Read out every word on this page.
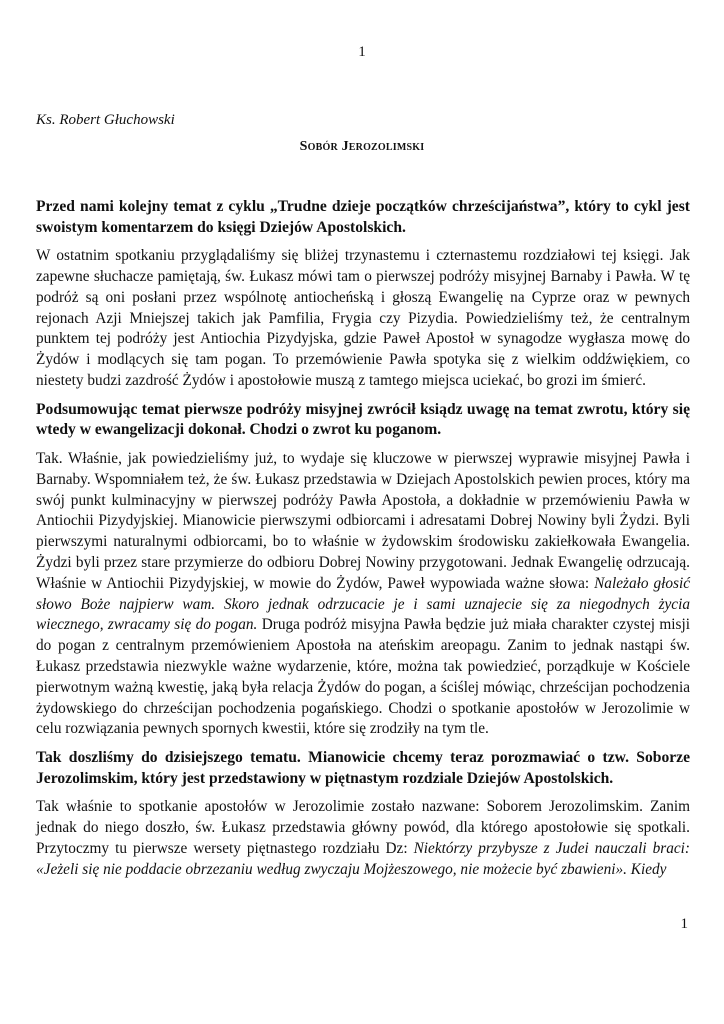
1
Ks. Robert Głuchowski
Sobór Jerozolimski

Przed nami kolejny temat z cyklu „Trudne dzieje początków chrześcijaństwa”, który to cykl jest swoistym komentarzem do księgi Dziejów Apostolskich.

W ostatnim spotkaniu przyglądaliśmy się bliżej trzynastemu i czternastemu rozdziałowi tej księgi. Jak zapewne słuchacze pamiętają, św. Łukasz mówi tam o pierwszej podróży misyjnej Barnaby i Pawła. W tę podróż są oni posłani przez wspólnotę antiocheńską i głoszą Ewangelię na Cyprze oraz w pewnych rejonach Azji Mniejszej takich jak Pamfilia, Frygia czy Pizydia. Powiedzieliśmy też, że centralnym punktem tej podróży jest Antiochia Pizydyjska, gdzie Paweł Apostoł w synagodze wygłasza mowę do Żydów i modlących się tam pogan. To przemówienie Pawła spotyka się z wielkim oddźwiękiem, co niestety budzi zazdrość Żydów i apostołowie muszą z tamtego miejsca uciekać, bo grozi im śmierć.

Podsumowując temat pierwsze podróży misyjnej zwrócił ksiądz uwagę na temat zwrotu, który się wtedy w ewangelizacji dokonał. Chodzi o zwrot ku poganom.

Tak. Właśnie, jak powiedzieliśmy już, to wydaje się kluczowe w pierwszej wyprawie misyjnej Pawła i Barnaby. Wspomniałem też, że św. Łukasz przedstawia w Dziejach Apostolskich pewien proces, który ma swój punkt kulminacyjny w pierwszej podróży Pawła Apostoła, a dokładnie w przemówieniu Pawła w Antiochii Pizydyjskiej. Mianowicie pierwszymi odbiorcami i adresatami Dobrej Nowiny byli Żydzi. Byli pierwszymi naturalnymi odbiorcami, bo to właśnie w żydowskim środowisku zakiełkowała Ewangelia. Żydzi byli przez stare przymierze do odbioru Dobrej Nowiny przygotowani. Jednak Ewangelię odrzucają. Właśnie w Antiochii Pizydyjskiej, w mowie do Żydów, Paweł wypowiada ważne słowa: Należało głosić słowo Boże najpierw wam. Skoro jednak odrzucacie je i sami uznajecie się za niegodnych życia wiecznego, zwracamy się do pogan. Druga podróż misyjna Pawła będzie już miała charakter czystej misji do pogan z centralnym przemówieniem Apostoła na ateńskim areopagu. Zanim to jednak nastąpi św. Łukasz przedstawia niezwykle ważne wydarzenie, które, można tak powiedzieć, porządkuje w Kościele pierwotnym ważną kwestię, jaką była relacja Żydów do pogan, a ściślej mówiąc, chrześcijan pochodzenia żydowskiego do chrześcijan pochodzenia pogańskiego. Chodzi o spotkanie apostołów w Jerozolimie w celu rozwiązania pewnych spornych kwestii, które się zrodziły na tym tle.

Tak doszliśmy do dzisiejszego tematu. Mianowicie chcemy teraz porozmawiać o tzw. Soborze Jerozolimskim, który jest przedstawiony w piętnastym rozdziale Dziejów Apostolskich.

Tak właśnie to spotkanie apostołów w Jerozolimie zostało nazwane: Soborem Jerozolimskim. Zanim jednak do niego doszło, św. Łukasz przedstawia główny powód, dla którego apostołowie się spotkali. Przytoczmy tu pierwsze wersety piętnastego rozdziału Dz: Niektórzy przybysze z Judei nauczali braci: «Jeżeli się nie poddacie obrzezaniu według zwyczaju Mojżeszowego, nie możecie być zbawieni». Kiedy

1
